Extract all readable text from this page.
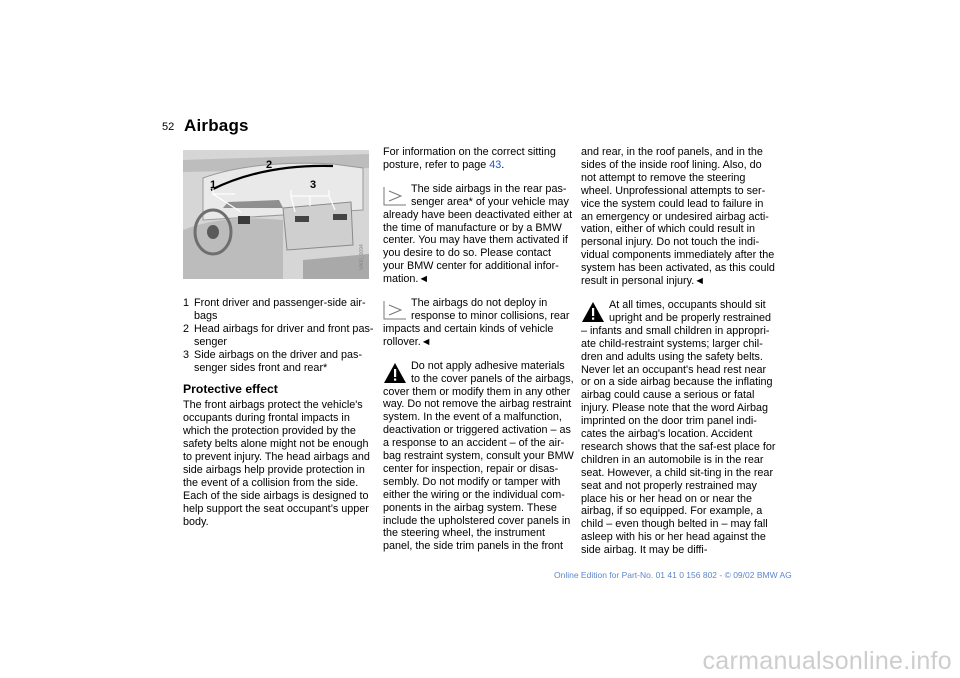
52 Airbags
1
2
3
VA00_0094
1 Front driver and passenger-side air-bags
2 Head airbags for driver and front pas-senger
3 Side airbags on the driver and pas-senger sides front and rear*
Protective effect

The front airbags protect the vehicle's occupants during frontal impacts in which the protection provided by the safety belts alone might not be enough to prevent injury. The head airbags and side airbags help provide protection in the event of a collision from the side. Each of the side airbags is designed to help support the seat occupant’s upper body.

For information on the correct sitting posture, refer to page 43.

The side airbags in the rear pas-senger area* of your vehicle may already have been deactivated either at the time of manufacture or by a BMW center. You may have them activated if you desire to do so. Please contact your BMW center for additional infor-mation.◄

The airbags do not deploy in response to minor collisions, rear impacts and certain kinds of vehicle rollover.◄

Do not apply adhesive materials to the cover panels of the airbags, cover them or modify them in any other way. Do not remove the airbag restraint system. In the event of a malfunction, deactivation or triggered activation – as a response to an accident – of the air-bag restraint system, consult your BMW center for inspection, repair or disas-sembly. Do not modify or tamper with either the wiring or the individual com-ponents in the airbag system. These include the upholstered cover panels in the steering wheel, the instrument panel, the side trim panels in the front

and rear, in the roof panels, and in the sides of the inside roof lining. Also, do not attempt to remove the steering wheel. Unprofessional attempts to ser-vice the system could lead to failure in an emergency or undesired airbag acti-vation, either of which could result in personal injury. Do not touch the indi-vidual components immediately after the system has been activated, as this could result in personal injury.◄

At all times, occupants should sit upright and be properly restrained – infants and small children in appropri-ate child-restraint systems; larger chil-dren and adults using the safety belts. Never let an occupant's head rest near or on a side airbag because the inflating airbag could cause a serious or fatal injury. Please note that the word Airbag imprinted on the door trim panel indi-cates the airbag's location. Accident research shows that the saf-est place for children in an automobile is in the rear seat. However, a child sit-ting in the rear seat and not properly restrained may place his or her head on or near the airbag, if so equipped. For example, a child – even though belted in – may fall asleep with his or her head against the side airbag. It may be diffi-

Online Edition for Part-No. 01 41 0 156 802 - © 09/02 BMW AG
carmanualsonline.info
